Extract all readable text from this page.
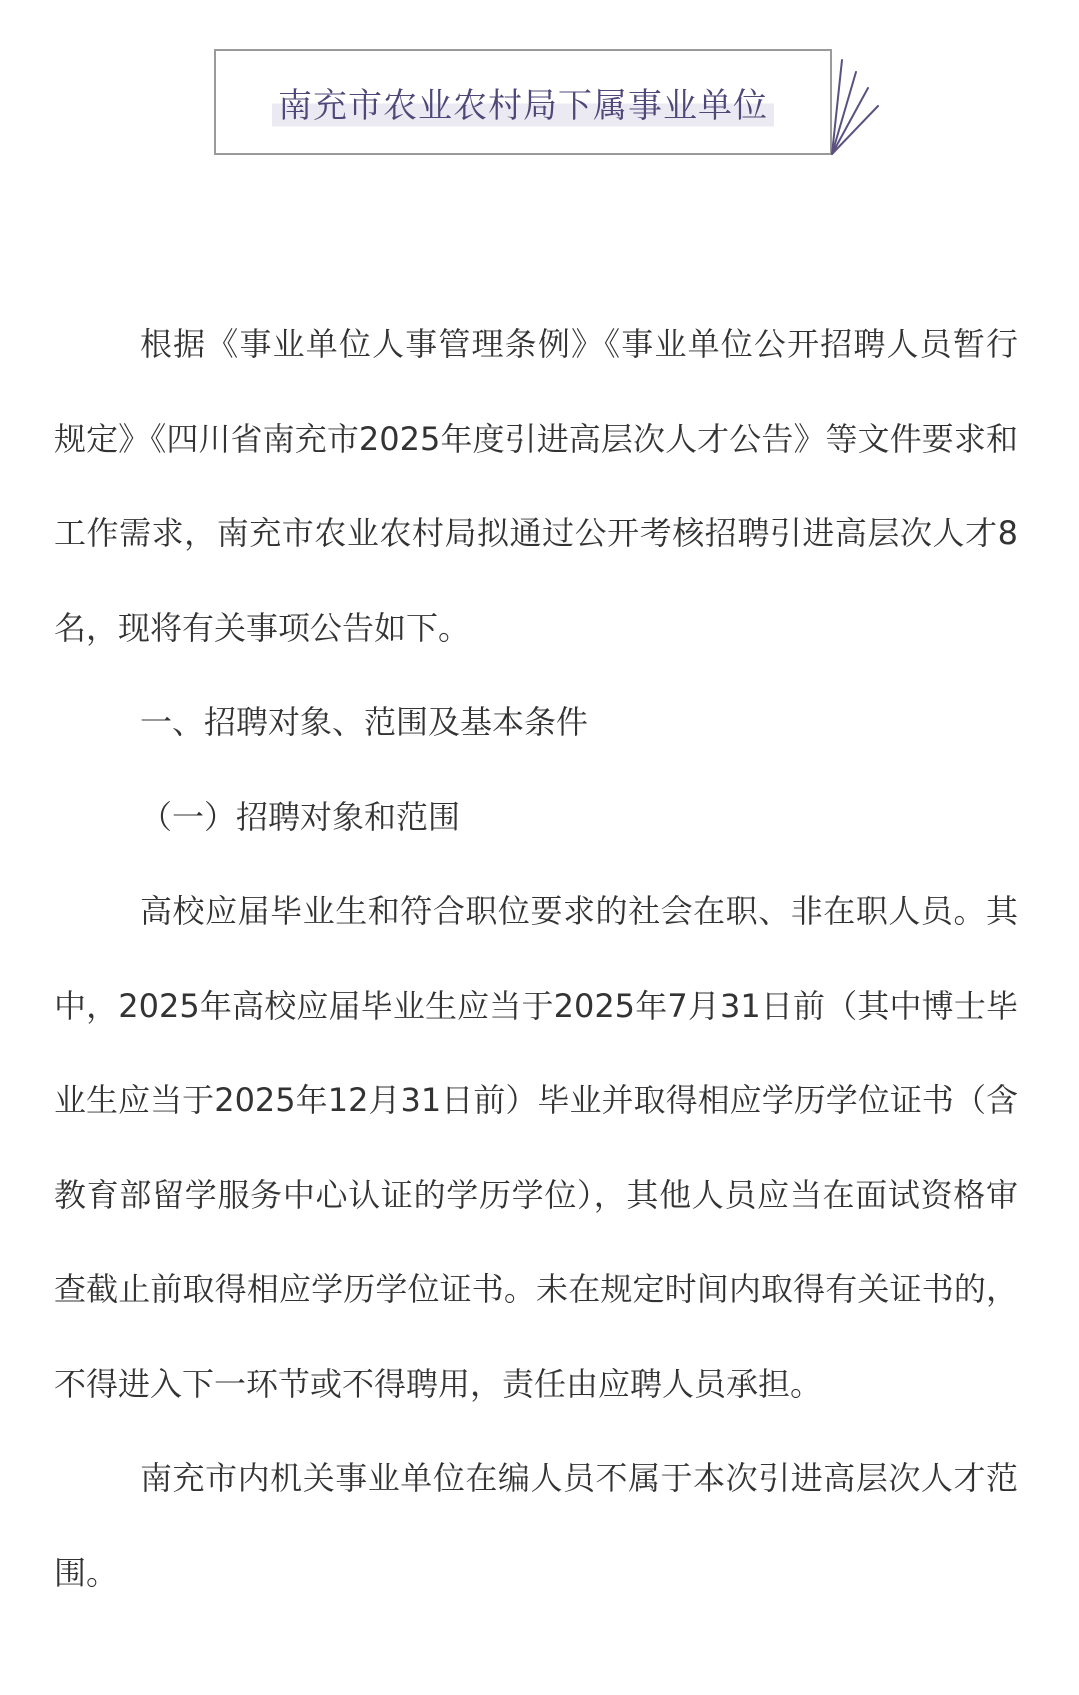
南充市农业农村局下属事业单位

根据《事业单位人事管理条例》《事业单位公开招聘人员暂行规定》《四川省南充市2025年度引进高层次人才公告》等文件要求和工作需求，南充市农业农村局拟通过公开考核招聘引进高层次人才8名，现将有关事项公告如下。

一、招聘对象、范围及基本条件

（一）招聘对象和范围

高校应届毕业生和符合职位要求的社会在职、非在职人员。其中，2025年高校应届毕业生应当于2025年7月31日前（其中博士毕业生应当于2025年12月31日前）毕业并取得相应学历学位证书（含教育部留学服务中心认证的学历学位），其他人员应当在面试资格审查截止前取得相应学历学位证书。未在规定时间内取得有关证书的，不得进入下一环节或不得聘用，责任由应聘人员承担。

南充市内机关事业单位在编人员不属于本次引进高层次人才范围。
